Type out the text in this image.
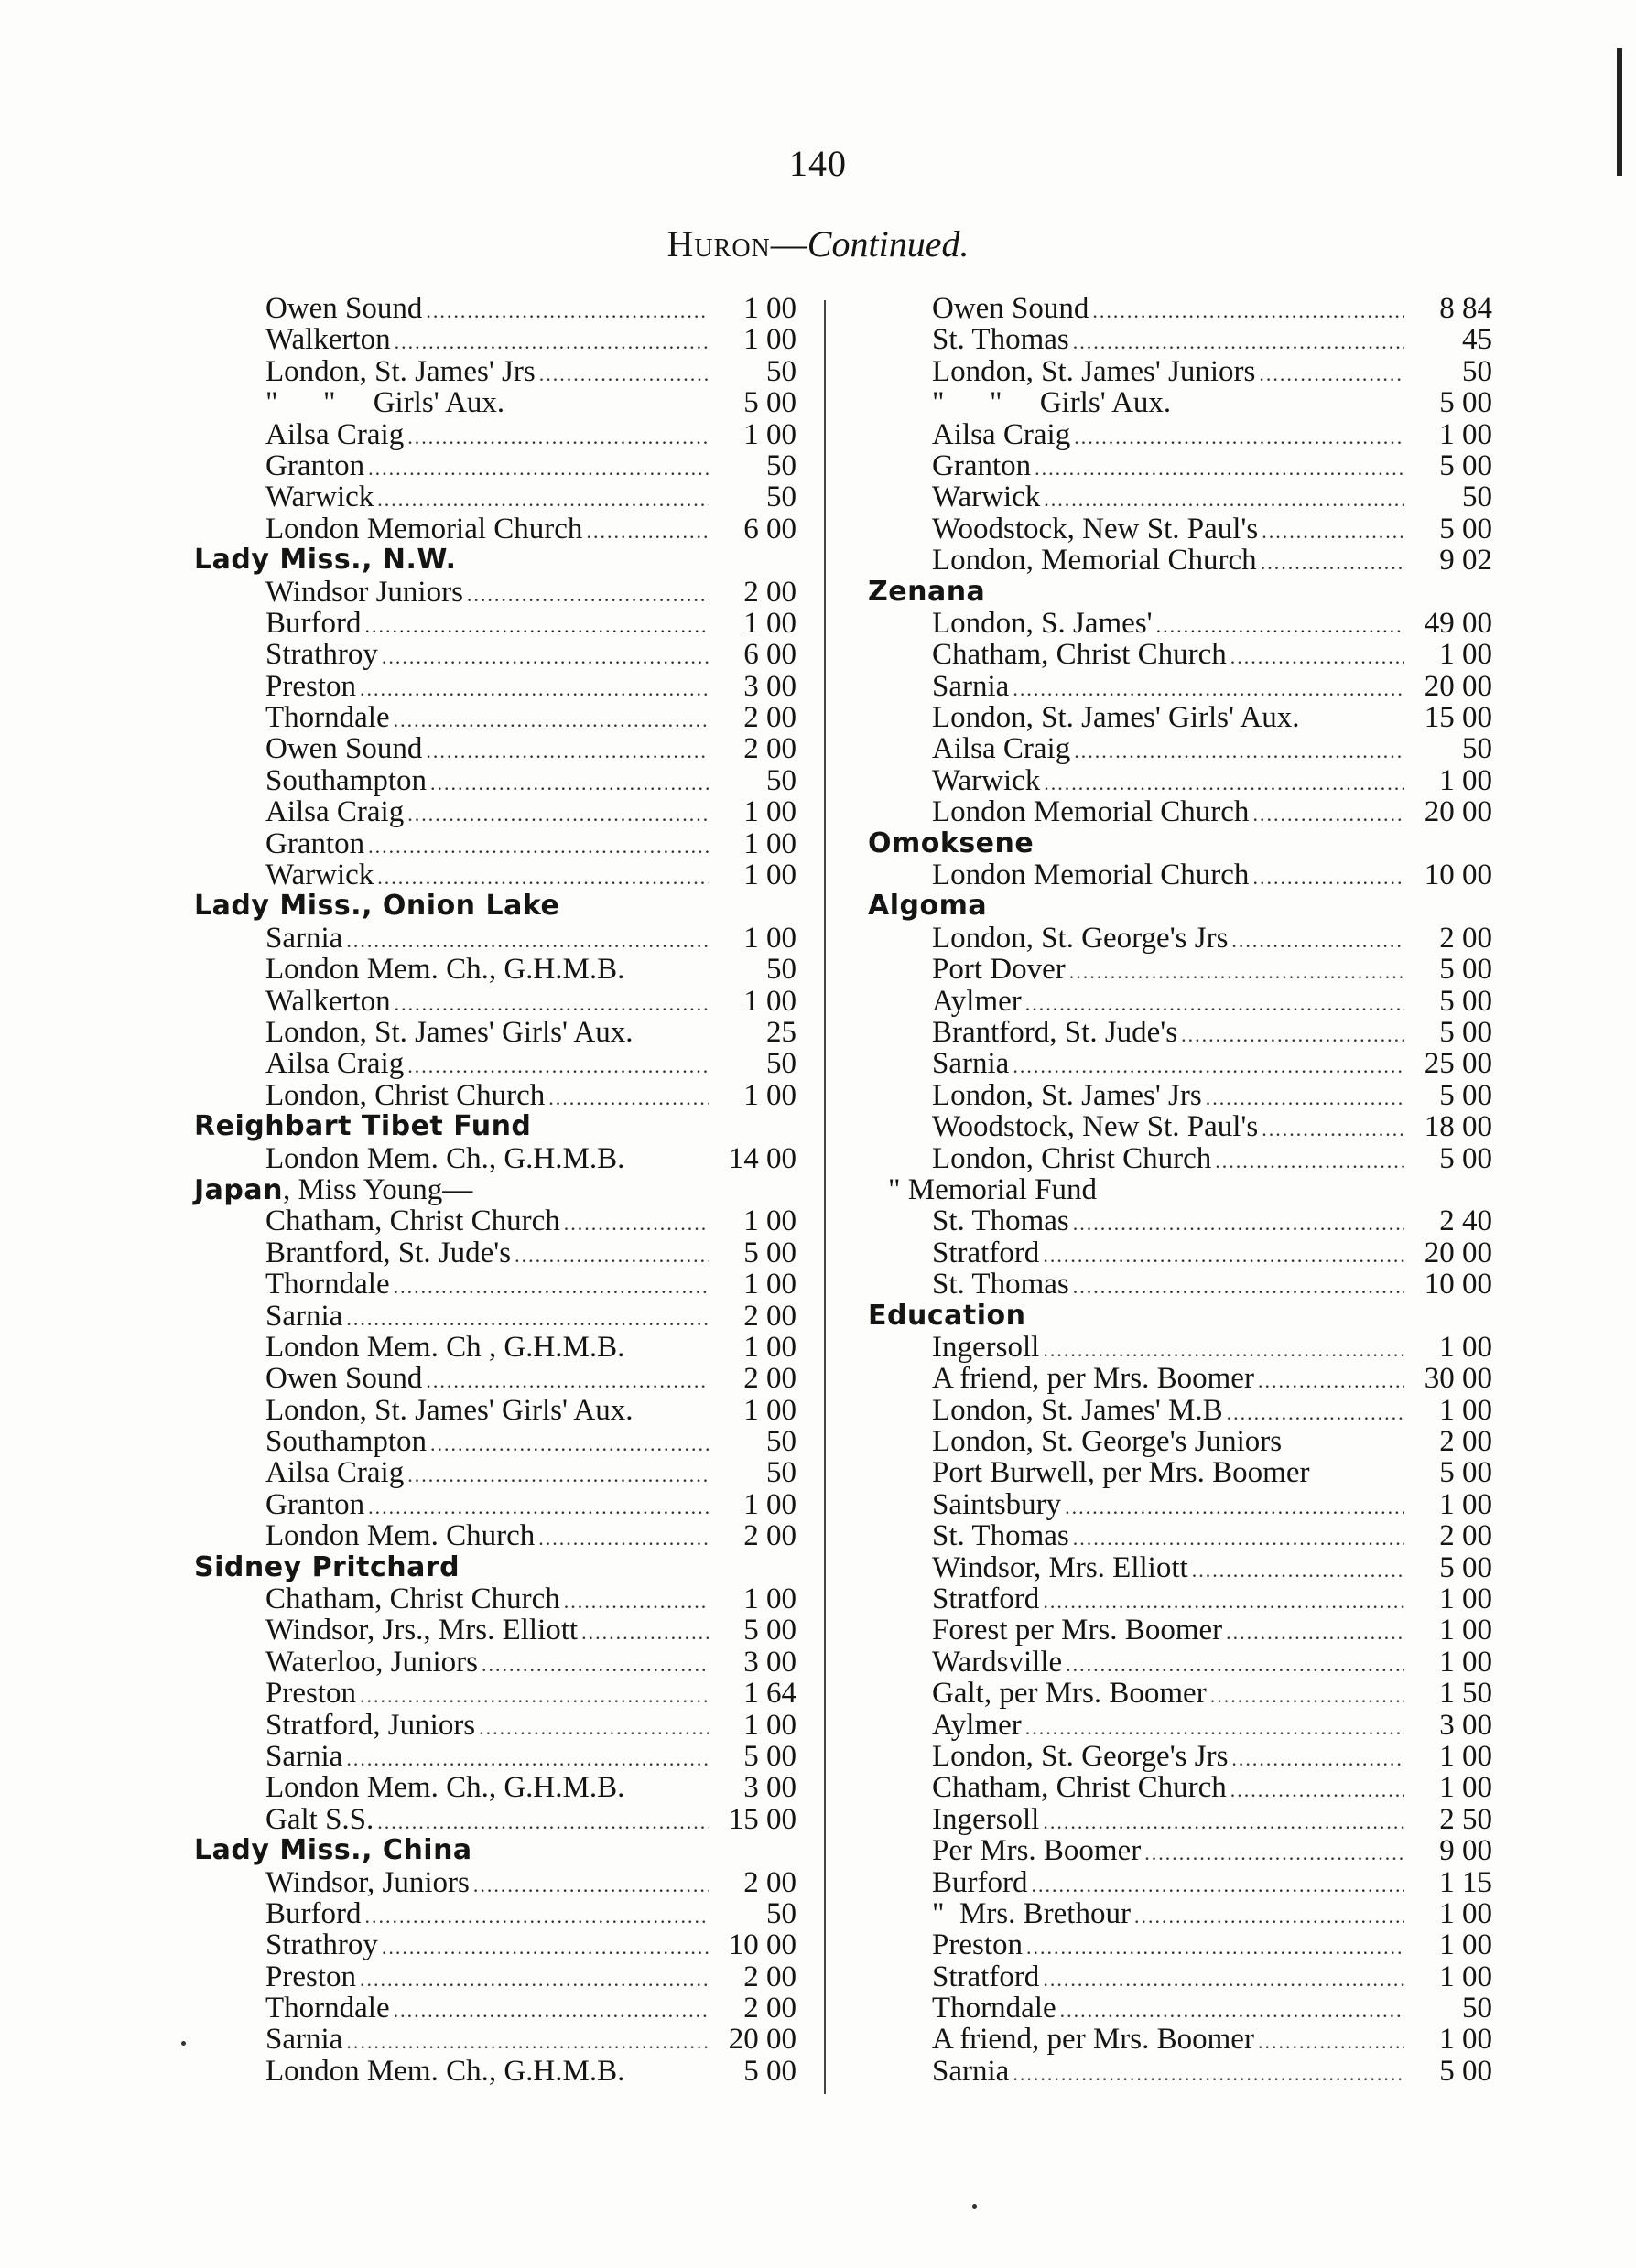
140
Huron—Continued.
Owen Sound .....	1 00
Walkerton .....	1 00
London, St. James' Jrs .....	50
"      "     Girls' Aux.	5 00
Ailsa Craig .....	1 00
Granton .....	50
Warwick .....	50
London Memorial Church .....	6 00
Lady Miss., N.W.
Windsor Juniors .....	2 00
Burford .....	1 00
Strathroy .....	6 00
Preston .....	3 00
Thorndale .....	2 00
Owen Sound .....	2 00
Southampton .....	50
Ailsa Craig .....	1 00
Granton .....	1 00
Warwick .....	1 00
Lady Miss., Onion Lake
Sarnia .....	1 00
London Mem. Ch., G.H.M.B.	50
Walkerton .....	1 00
London, St. James' Girls' Aux.	25
Ailsa Craig .....	50
London, Christ Church .....	1 00
Reighbart Tibet Fund
London Mem. Ch., G.H.M.B.	14 00
Japan, Miss Young—
Chatham, Christ Church .....	1 00
Brantford, St. Jude's .....	5 00
Thorndale .....	1 00
Sarnia .....	2 00
London Mem. Ch , G.H.M.B.	1 00
Owen Sound .....	2 00
London, St. James' Girls' Aux.	1 00
Southampton .....	50
Ailsa Craig .....	50
Granton .....	1 00
London Mem. Church .....	2 00
Sidney Pritchard
Chatham, Christ Church .....	1 00
Windsor, Jrs., Mrs. Elliott .....	5 00
Waterloo, Juniors .....	3 00
Preston .....	1 64
Stratford, Juniors .....	1 00
Sarnia .....	5 00
London Mem. Ch., G.H.M.B.	3 00
Galt S.S. .....	15 00
Lady Miss., China
Windsor, Juniors .....	2 00
Burford .....	50
Strathroy .....	10 00
Preston .....	2 00
Thorndale .....	2 00
Sarnia .....	20 00
London Mem. Ch., G.H.M.B.	5 00
Owen Sound .....	8 84
St. Thomas .....	45
London, St. James' Juniors .....	50
"      "     Girls' Aux.	5 00
Ailsa Craig .....	1 00
Granton .....	5 00
Warwick .....	50
Woodstock, New St. Paul's .....	5 00
London, Memorial Church .....	9 02
Zenana
London, S. James' .....	49 00
Chatham, Christ Church .....	1 00
Sarnia .....	20 00
London, St. James' Girls' Aux.	15 00
Ailsa Craig .....	50
Warwick .....	1 00
London Memorial Church .....	20 00
Omoksene
London Memorial Church .....	10 00
Algoma
London, St. George's Jrs .....	2 00
Port Dover .....	5 00
Aylmer .....	5 00
Brantford, St. Jude's .....	5 00
Sarnia .....	25 00
London, St. James' Jrs .....	5 00
Woodstock, New St. Paul's .....	18 00
London, Christ Church .....	5 00
" Memorial Fund
St. Thomas .....	2 40
Stratford .....	20 00
St. Thomas .....	10 00
Education
Ingersoll .....	1 00
A friend, per Mrs. Boomer .....	30 00
London, St. James' M.B .....	1 00
London, St. George's Juniors	2 00
Port Burwell, per Mrs. Boomer	5 00
Saintsbury .....	1 00
St. Thomas .....	2 00
Windsor, Mrs. Elliott .....	5 00
Stratford .....	1 00
Forest per Mrs. Boomer .....	1 00
Wardsville .....	1 00
Galt, per Mrs. Boomer .....	1 50
Aylmer .....	3 00
London, St. George's Jrs .....	1 00
Chatham, Christ Church .....	1 00
Ingersoll .....	2 50
Per Mrs. Boomer .....	9 00
Burford .....	1 15
"  Mrs. Brethour .....	1 00
Preston .....	1 00
Stratford .....	1 00
Thorndale .....	50
A friend, per Mrs. Boomer .....	1 00
Sarnia .....	5 00
